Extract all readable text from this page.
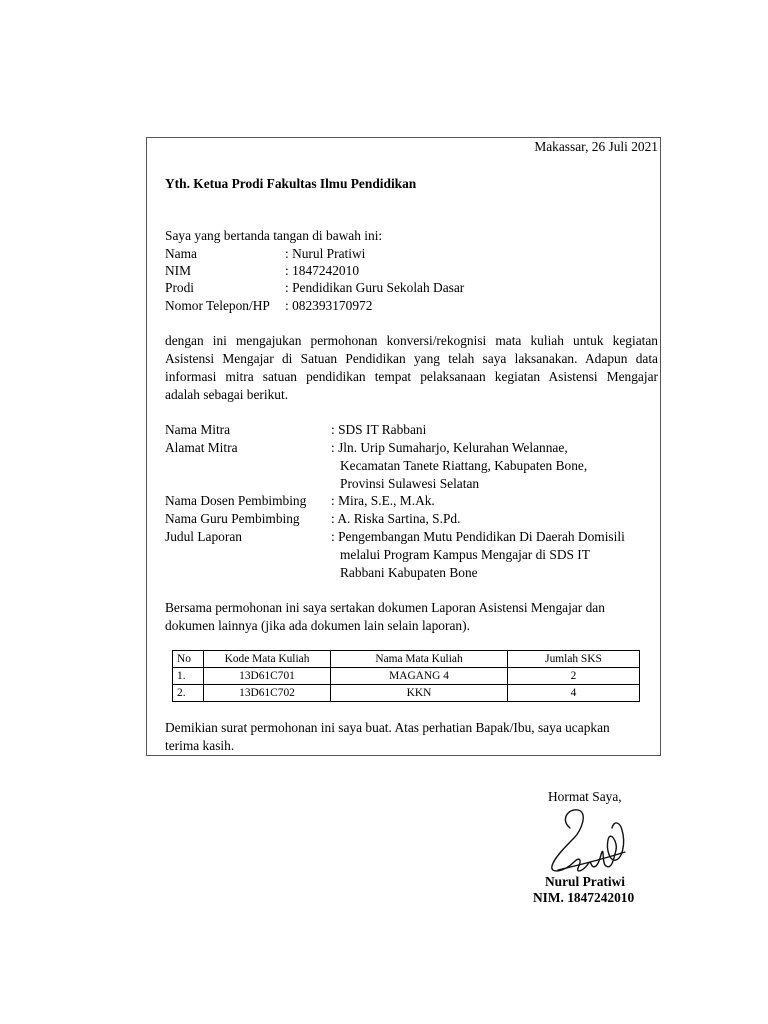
Makassar, 26 Juli 2021
Yth. Ketua Prodi Fakultas Ilmu Pendidikan
Saya yang bertanda tangan di bawah ini:
Nama	: Nurul Pratiwi
NIM	: 1847242010
Prodi	: Pendidikan Guru Sekolah Dasar
Nomor Telepon/HP : 082393170972
dengan ini mengajukan permohonan konversi/rekognisi mata kuliah untuk kegiatan
Asistensi Mengajar di Satuan Pendidikan yang telah saya laksanakan. Adapun data
informasi mitra satuan pendidikan tempat pelaksanaan kegiatan Asistensi Mengajar
adalah sebagai berikut.
Nama Mitra	: SDS IT Rabbani
Alamat Mitra	: Jln. Urip Sumaharjo, Kelurahan Welannae,
Kecamatan Tanete Riattang, Kabupaten Bone,
Provinsi Sulawesi Selatan
Nama Dosen Pembimbing : Mira, S.E., M.Ak.
Nama Guru Pembimbing : A. Riska Sartina, S.Pd.
Judul Laporan	: Pengembangan Mutu Pendidikan Di Daerah Domisili
melalui Program Kampus Mengajar di SDS IT
Rabbani Kabupaten Bone
Bersama permohonan ini saya sertakan dokumen Laporan Asistensi Mengajar dan
dokumen lainnya (jika ada dokumen lain selain laporan).
No	Kode Mata Kuliah	Nama Mata Kuliah	Jumlah SKS
1.	13D61C701	MAGANG 4	2
2.	13D61C702	KKN	4
Demikian surat permohonan ini saya buat. Atas perhatian Bapak/Ibu, saya ucapkan
terima kasih.
Hormat Saya,
Nurul Pratiwi
NIM. 1847242010
